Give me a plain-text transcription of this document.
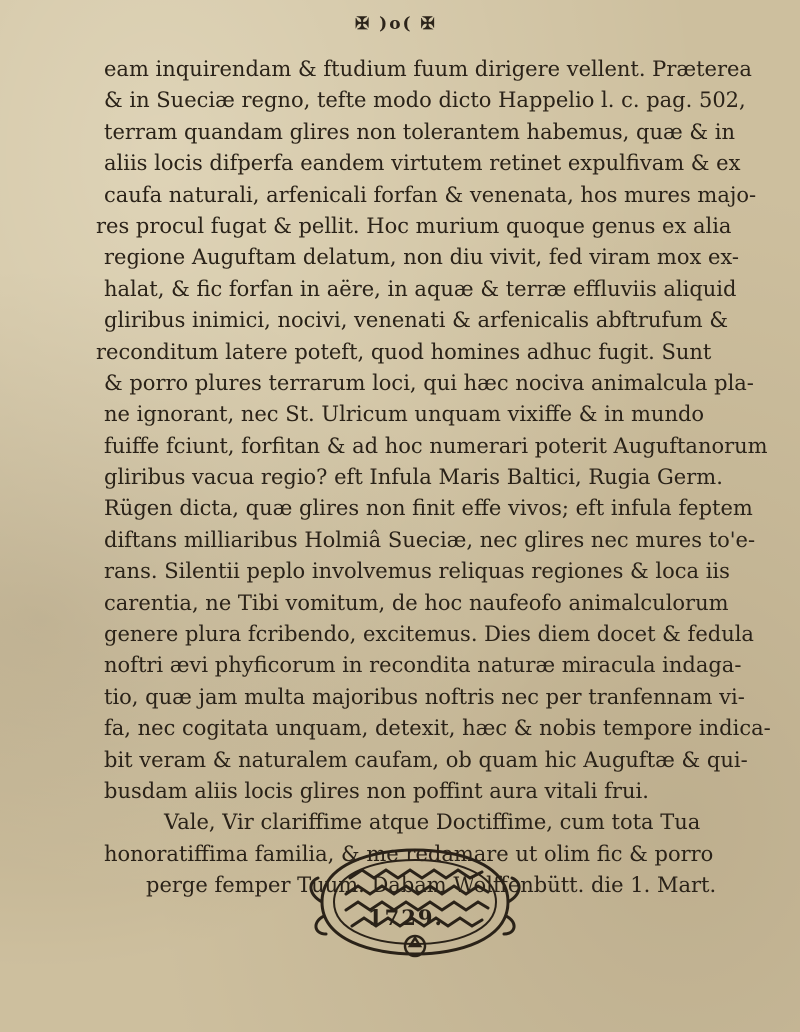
✠ )o( ✠
eam inquirendam & ftudium fuum dirigere vellent. Præterea
& in Sueciæ regno, tefte modo dicto Happelio l. c. pag. 502,
terram quandam glires non tolerantem habemus, quæ & in
aliis locis difperfa eandem virtutem retinet expulfivam & ex
caufa naturali, arfenicali forfan & venenata, hos mures majo-
res procul fugat & pellit. Hoc murium quoque genus ex alia
regione Auguftam delatum, non diu vivit, fed viram mox ex-
halat, & fic forfan in aëre, in aquæ & terræ effluviis aliquid
gliribus inimici, nocivi, venenati & arfenicalis abftrufum &
reconditum latere poteft, quod homines adhuc fugit. Sunt
& porro plures terrarum loci, qui hæc nociva animalcula pla-
ne ignorant, nec St. Ulricum unquam vixiffe & in mundo
fuiffe fciunt, forfitan & ad hoc numerari poterit Auguftanorum
gliribus vacua regio? eft Infula Maris Baltici, Rugia Germ.
Rügen dicta, quæ glires non finit effe vivos; eft infula feptem
diftans milliaribus Holmiâ Sueciæ, nec glires nec mures to'e-
rans. Silentii peplo involvemus reliquas regiones & loca iis
carentia, ne Tibi vomitum, de hoc naufeofo animalculorum
genere plura fcribendo, excitemus. Dies diem docet & fedula
noftri ævi phyficorum in recondita naturæ miracula indaga-
tio, quæ jam multa majoribus noftris nec per tranfennam vi-
fa, nec cogitata unquam, detexit, hæc & nobis tempore indica-
bit veram & naturalem caufam, ob quam hic Auguftæ & qui-
busdam aliis locis glires non poffint aura vitali frui.
Vale, Vir clariffime atque Doctiffime, cum tota Tua
honoratiffima familia, & me redamare ut olim fic & porro
perge femper Tuum. Dabam Wolffenbütt. die 1. Mart.
1729.
